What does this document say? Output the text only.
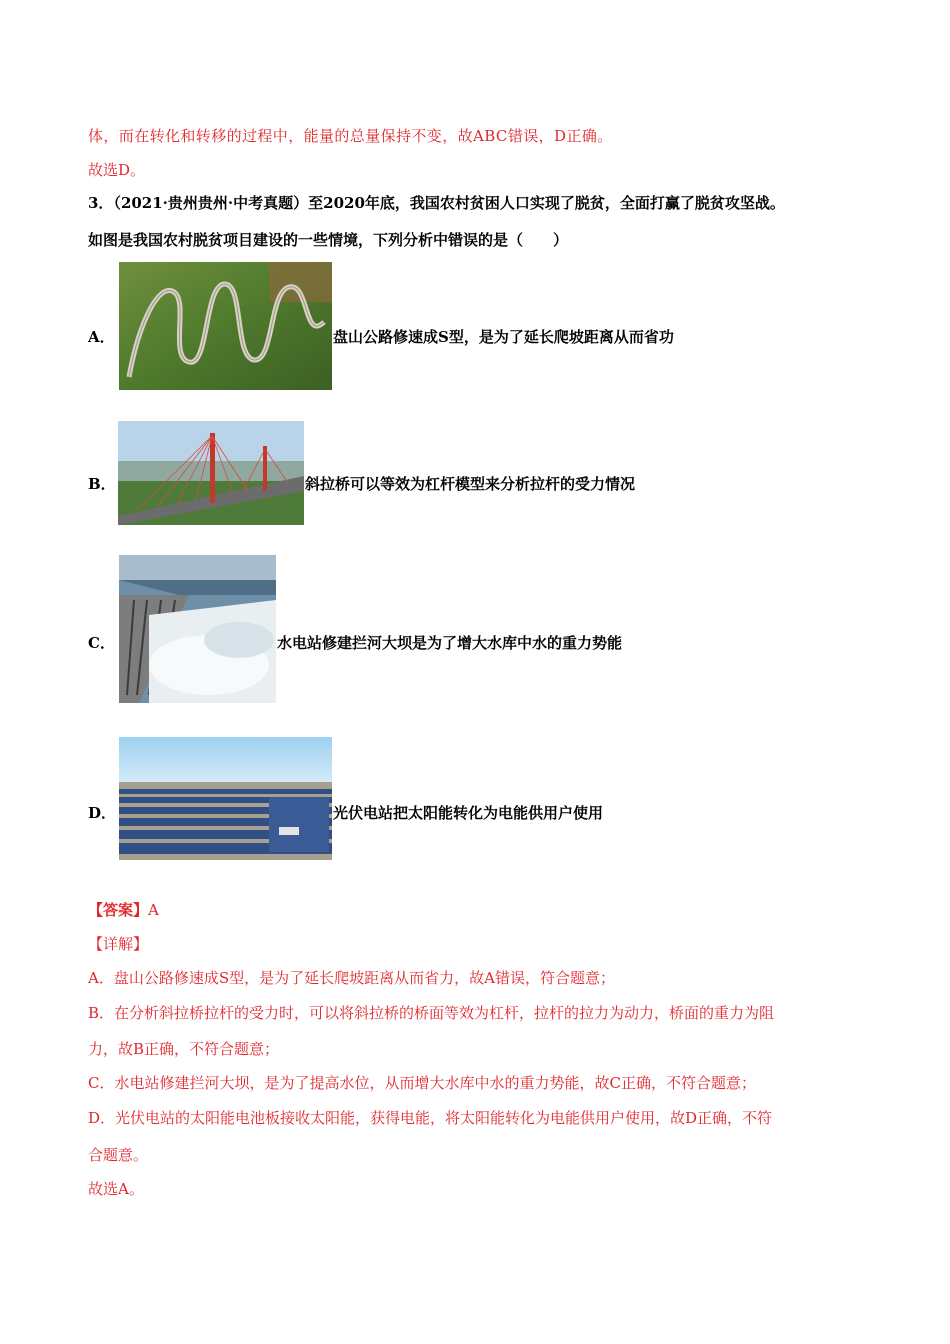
体，而在转化和转移的过程中，能量的总量保持不变，故ABC错误，D正确。
故选D。
3．（2021·贵州贵州·中考真题）至2020年底，我国农村贫困人口实现了脱贫，全面打赢了脱贫攻坚战。
如图是我国农村脱贫项目建设的一些情境，下列分析中错误的是（　　）
A．	盘山公路修速成S型，是为了延长爬坡距离从而省功
B．	斜拉桥可以等效为杠杆模型来分析拉杆的受力情况
C．	水电站修建拦河大坝是为了增大水库中水的重力势能
D．	光伏电站把太阳能转化为电能供用户使用
【答案】A
【详解】
A．盘山公路修速成S型，是为了延长爬坡距离从而省力，故A错误，符合题意；
B．在分析斜拉桥拉杆的受力时，可以将斜拉桥的桥面等效为杠杆，拉杆的拉力为动力，桥面的重力为阻
力，故B正确，不符合题意；
C．水电站修建拦河大坝，是为了提高水位，从而增大水库中水的重力势能，故C正确，不符合题意；
D．光伏电站的太阳能电池板接收太阳能，获得电能，将太阳能转化为电能供用户使用，故D正确，不符
合题意。
故选A。
